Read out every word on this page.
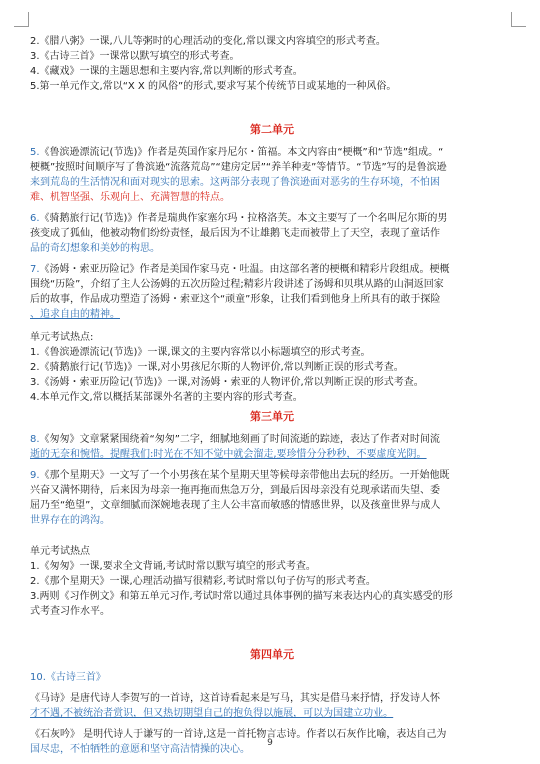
2.《腊八粥》一课,八儿等粥时的心理活动的变化,常以课文内容填空的形式考查。
3.《古诗三首》一课常以默写填空的形式考查。
4.《藏戏》一课的主题思想和主要内容,常以判断的形式考查。
5.第一单元作文,常以“X X 的风俗”的形式,要求写某个传统节日或某地的一种风俗。
第二单元
5.《鲁滨逊漂流记(节选)》作者是英国作家丹尼尔・笛福。本文内容由“梗概”和“节选”组成。“
梗概”按照时间顺序写了鲁滨逊“流落荒岛”“建房定居”“养羊种麦”等情节。“节选”写的是鲁滨逊
来到荒岛的生活情况和面对现实的思索。这两部分表现了鲁滨逊面对恶劣的生存环境，不怕困
难、机智坚强、乐观向上、充满智慧的特点。
6.《骑鹅旅行记(节选)》作者是瑞典作家塞尔玛・拉格洛芙。本文主要写了一个名叫尼尔斯的男
孩变成了狐仙，他被动物们纷纷责怪，最后因为不让雄鹅飞走而被带上了天空，表现了童话作
品的奇幻想象和美妙的构思。
7.《汤姆・索亚历险记》作者是美国作家马克・吐温。由这部名著的梗概和精彩片段组成。梗概
围绕“历险”，介绍了主人公汤姆的五次历险过程;精彩片段讲述了汤姆和贝琪从路的山洞返回家
后的故事，作品成功塑造了汤姆・索亚这个“顽童”形象，让我们看到他身上所具有的敢于探险
、追求自由的精神。
单元考试热点:
1.《鲁滨逊漂流记(节选)》一课,课文的主要内容常以小标题填空的形式考查。
2.《骑鹅旅行记(节选)》一课,对小男孩尼尔斯的人物评价,常以判断正误的形式考查。
3.《汤姆・索亚历险记(节选)》一课,对汤姆・索亚的人物评价,常以判断正误的形式考查。
4.本单元作文,常以概括某部课外名著的主要内容的形式考查。
第三单元
8.《匆匆》文章紧紧围绕着“匆匆”二字，细腻地刻画了时间流逝的踪迹，表达了作者对时间流
逝的无奈和惋惜。提醒我们:时光在不知不觉中就会溜走,要珍惜分分秒秒，不要虚度光阴。
9.《那个星期天》一文写了一个小男孩在某个星期天里等候母亲带他出去玩的经历。一开始他既
兴奋又满怀期待，后来因为母亲一拖再拖而焦急万分，到最后因母亲没有兑现承诺而失望、委
屈乃至“绝望”，文章细腻而深婉地表现了主人公丰富而敏感的情感世界，以及孩童世界与成人
世界存在的鸿沟。
单元考试热点
1.《匆匆》一课,要求全文背诵,考试时常以默写填空的形式考查。
2.《那个星期天》一课,心理活动描写很精彩,考试时常以句子仿写的形式考查。
3.两则《习作例文》和第五单元习作,考试时常以通过具体事例的描写来表达内心的真实感受的形
式考查习作水平。
第四单元
10.《古诗三首》
《马诗》是唐代诗人李贺写的一首诗，这首诗看起来是写马，其实是借马来抒情，抒发诗人怀
才不遇,不被统治者赏识，但又热切期望自己的抱负得以施展，可以为国建立功业。
《石灰吟》 是明代诗人于谦写的一首诗,这是一首托物言志诗。作者以石灰作比喻，表达自己为
国尽忠，不怕牺牲的意愿和坚守高洁情操的决心。
9
